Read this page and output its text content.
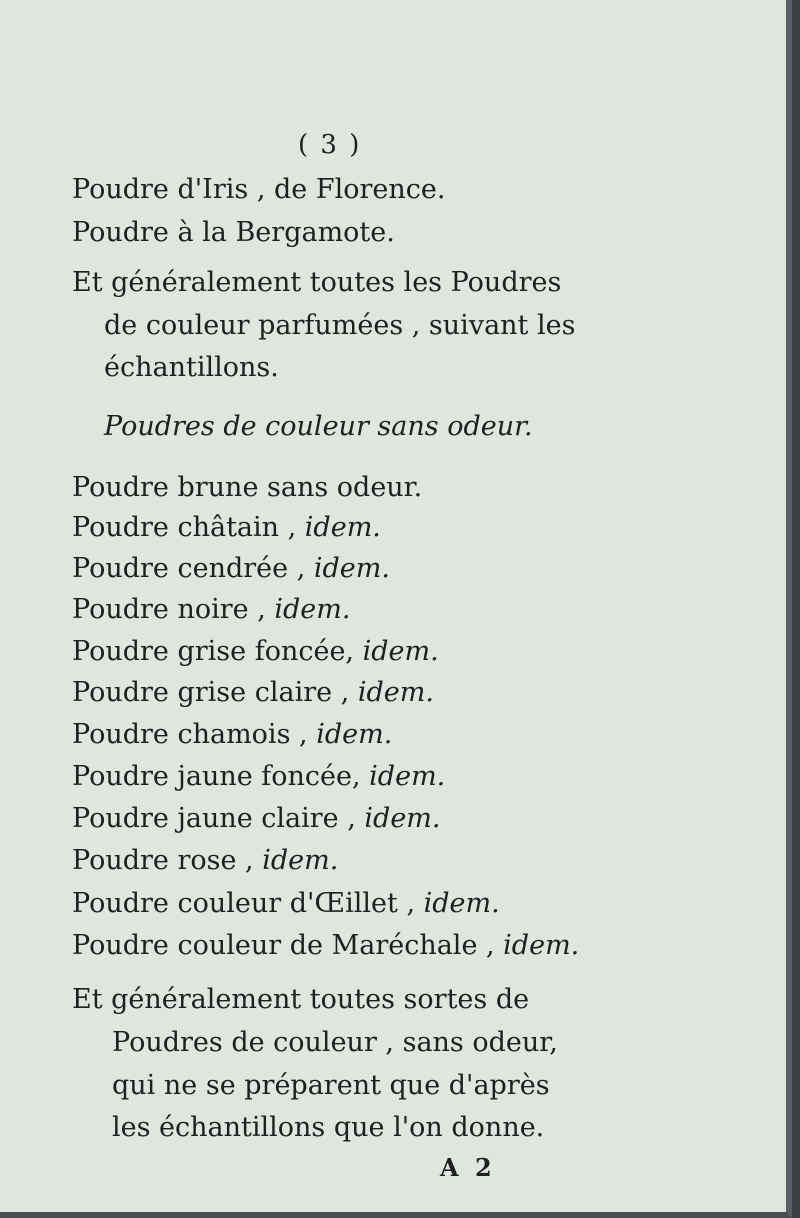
( 3 )
Poudre d'Iris , de Florence.
Poudre à la Bergamote.
Et généralement toutes les Poudres
de couleur parfumées , suivant les
échantillons.
Poudres de couleur sans odeur.
Poudre brune sans odeur.
Poudre châtain , idem.
Poudre cendrée , idem.
Poudre noire , idem.
Poudre grise foncée, idem.
Poudre grise claire , idem.
Poudre chamois , idem.
Poudre jaune foncée, idem.
Poudre jaune claire , idem.
Poudre rose , idem.
Poudre couleur d'Œillet , idem.
Poudre couleur de Maréchale , idem.
Et généralement toutes sortes de
Poudres de couleur , sans odeur,
qui ne se préparent que d'après
les échantillons que l'on donne.
A 2
